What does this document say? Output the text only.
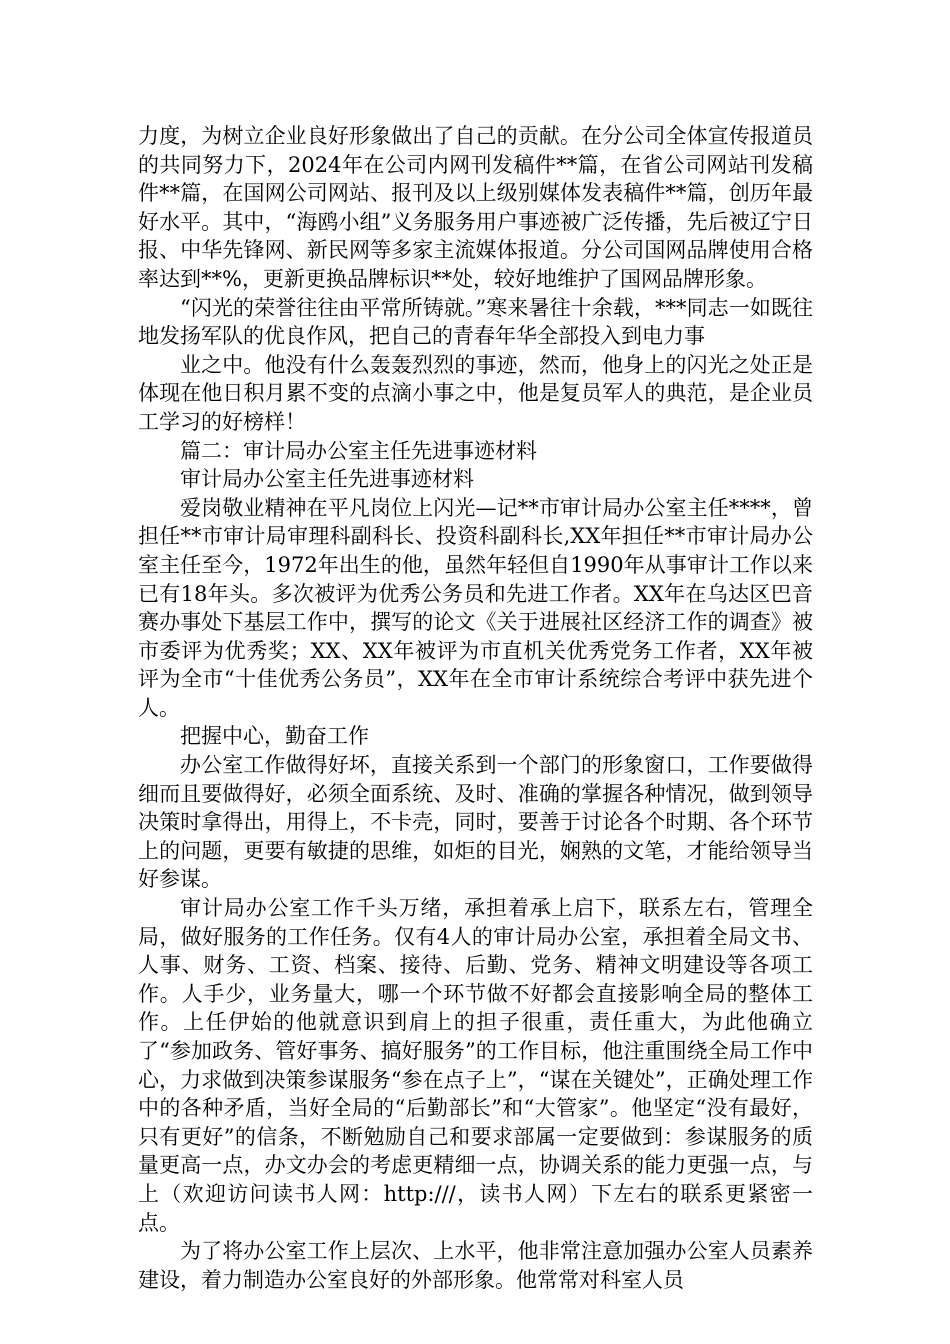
力度，为树立企业良好形象做出了自己的贡献。在分公司全体宣传报道员的共同努力下，2024年在公司内网刊发稿件**篇，在省公司网站刊发稿件**篇，在国网公司网站、报刊及以上级别媒体发表稿件**篇，创历年最好水平。其中，“海鸥小组”义务服务用户事迹被广泛传播，先后被辽宁日报、中华先锋网、新民网等多家主流媒体报道。分公司国网品牌使用合格率达到**%，更新更换品牌标识**处，较好地维护了国网品牌形象。

“闪光的荣誉往往由平常所铸就。”寒来暑往十余载，***同志一如既往地发扬军队的优良作风，把自己的青春年华全部投入到电力事

业之中。他没有什么轰轰烈烈的事迹，然而，他身上的闪光之处正是体现在他日积月累不变的点滴小事之中，他是复员军人的典范，是企业员工学习的好榜样！

篇二：审计局办公室主任先进事迹材料

审计局办公室主任先进事迹材料

爱岗敬业精神在平凡岗位上闪光—记**市审计局办公室主任****，曾担任**市审计局审理科副科长、投资科副科长,XX年担任**市审计局办公室主任至今，1972年出生的他，虽然年轻但自1990年从事审计工作以来已有18年头。多次被评为优秀公务员和先进工作者。XX年在乌达区巴音赛办事处下基层工作中，撰写的论文《关于进展社区经济工作的调查》被市委评为优秀奖；XX、XX年被评为市直机关优秀党务工作者，XX年被评为全市“十佳优秀公务员”，XX年在全市审计系统综合考评中获先进个人。

把握中心，勤奋工作

办公室工作做得好坏，直接关系到一个部门的形象窗口，工作要做得细而且要做得好，必须全面系统、及时、准确的掌握各种情况，做到领导决策时拿得出，用得上，不卡壳，同时，要善于讨论各个时期、各个环节上的问题，更要有敏捷的思维，如炬的目光，娴熟的文笔，才能给领导当好参谋。

审计局办公室工作千头万绪，承担着承上启下，联系左右，管理全局，做好服务的工作任务。仅有4人的审计局办公室，承担着全局文书、人事、财务、工资、档案、接待、后勤、党务、精神文明建设等各项工作。人手少，业务量大，哪一个环节做不好都会直接影响全局的整体工作。上任伊始的他就意识到肩上的担子很重，责任重大，为此他确立了“参加政务、管好事务、搞好服务”的工作目标，他注重围绕全局工作中心，力求做到决策参谋服务“参在点子上”，“谋在关键处”，正确处理工作中的各种矛盾，当好全局的“后勤部长”和“大管家”。他坚定“没有最好，只有更好”的信条，不断勉励自己和要求部属一定要做到：参谋服务的质量更高一点，办文办会的考虑更精细一点，协调关系的能力更强一点，与上（欢迎访问读书人网：http:///，读书人网）下左右的联系更紧密一点。

为了将办公室工作上层次、上水平，他非常注意加强办公室人员素养建设，着力制造办公室良好的外部形象。他常常对科室人员
